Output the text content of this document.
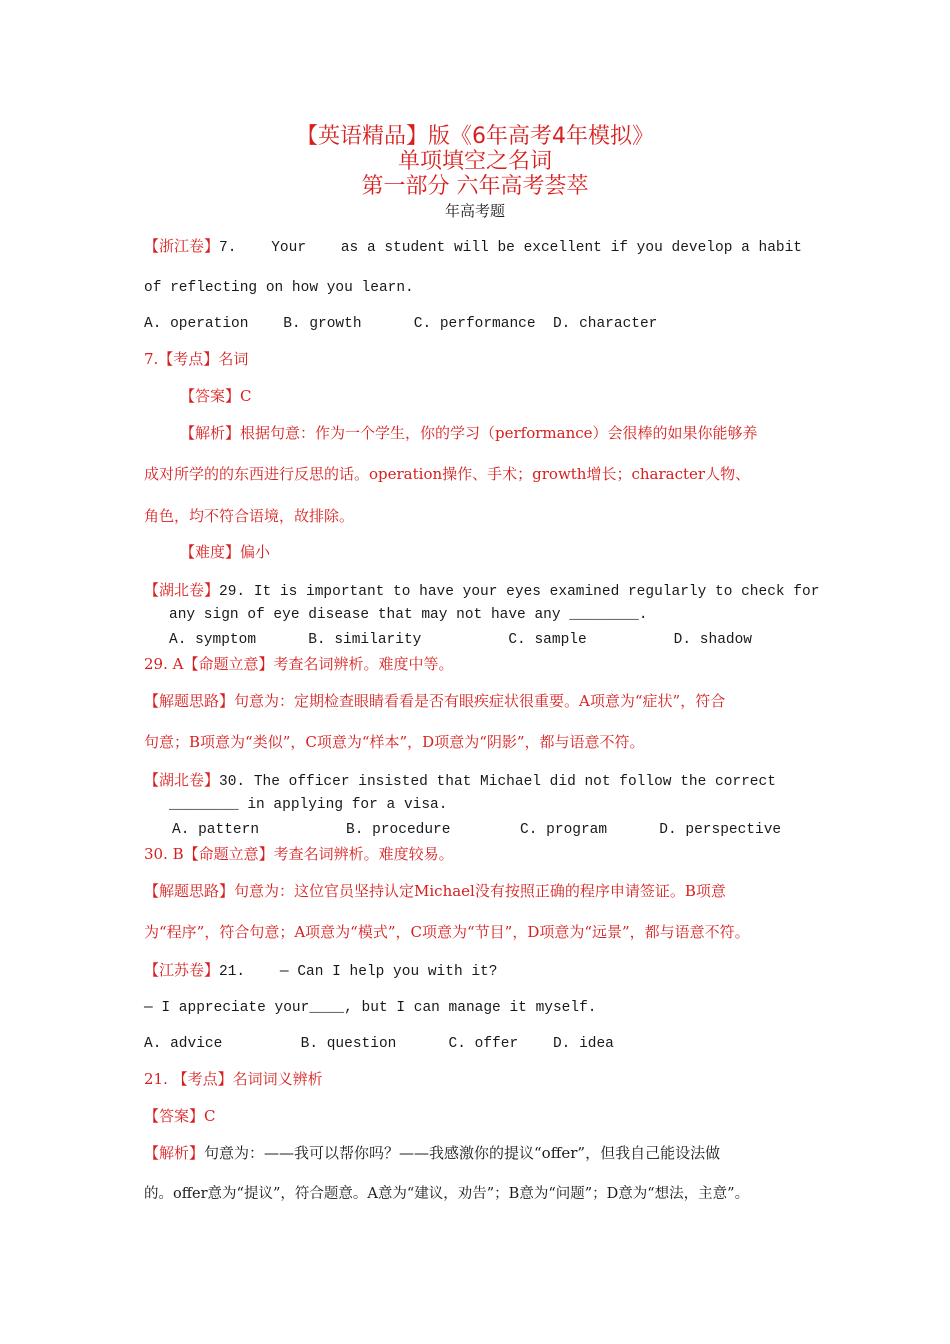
【英语精品】版《6年高考4年模拟》
单项填空之名词
第一部分 六年高考荟萃
年高考题
【浙江卷】7.    Your    as a student will be excellent if you develop a habit
of reflecting on how you learn.
A. operation    B. growth      C. performance  D. character
7.【考点】名词
【答案】C
【解析】根据句意：作为一个学生，你的学习（performance）会很棒的如果你能够养
成对所学的的东西进行反思的话。operation操作、手术；growth增长；character人物、
角色，均不符合语境，故排除。
【难度】偏小
【湖北卷】29. It is important to have your eyes examined regularly to check for
any sign of eye disease that may not have any ________.
A. symptom      B. similarity          C. sample          D. shadow
29. A【命题立意】考查名词辨析。难度中等。
【解题思路】句意为：定期检查眼睛看看是否有眼疾症状很重要。A项意为“症状”，符合
句意；B项意为“类似”，C项意为“样本”，D项意为“阴影”，都与语意不符。
【湖北卷】30. The officer insisted that Michael did not follow the correct
________ in applying for a visa.
A. pattern          B. procedure        C. program      D. perspective
30. B【命题立意】考查名词辨析。难度较易。
【解题思路】句意为：这位官员坚持认定Michael没有按照正确的程序申请签证。B项意
为“程序”，符合句意；A项意为“模式”，C项意为“节目”，D项意为“远景”，都与语意不符。
【江苏卷】21.    — Can I help you with it?
— I appreciate your____, but I can manage it myself.
A. advice         B. question      C. offer    D. idea
21. 【考点】名词词义辨析
【答案】C
【解析】句意为：——我可以帮你吗？——我感激你的提议“offer”，但我自己能设法做
的。offer意为“提议”，符合题意。A意为“建议，劝告”；B意为“问题”；D意为“想法，主意”。
